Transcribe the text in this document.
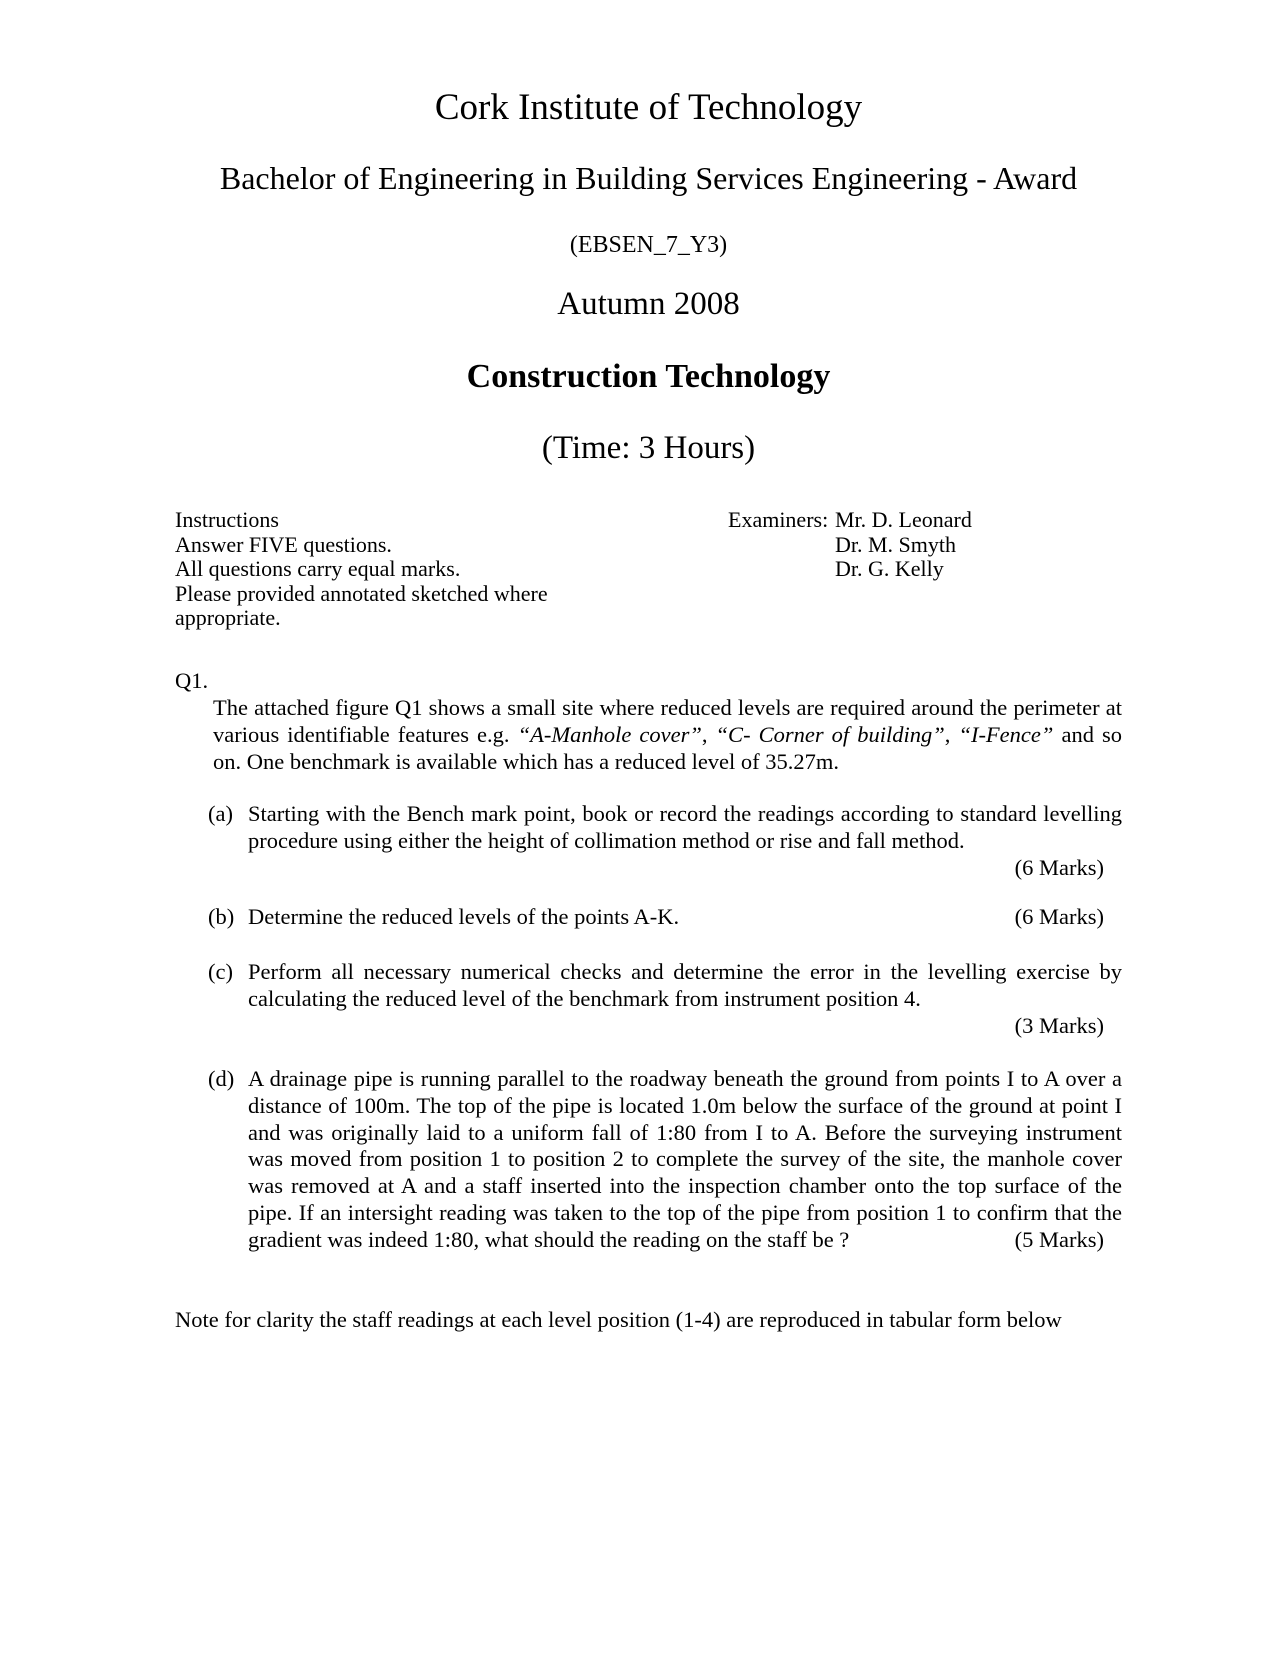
Cork Institute of Technology
Bachelor of Engineering in Building Services Engineering - Award
(EBSEN_7_Y3)
Autumn 2008
Construction Technology
(Time: 3 Hours)
Instructions
Answer FIVE questions.
All questions carry equal marks.
Please provided annotated sketched where appropriate.
Examiners: Mr. D. Leonard
Dr. M. Smyth
Dr. G. Kelly
Q1.
The attached figure Q1 shows a small site where reduced levels are required around the perimeter at various identifiable features e.g. “A-Manhole cover”, “C- Corner of building”, “I-Fence” and so on. One benchmark is available which has a reduced level of 35.27m.
(a) Starting with the Bench mark point, book or record the readings according to standard levelling procedure using either the height of collimation method or rise and fall method.
(6 Marks)
(b) Determine the reduced levels of the points A-K.	(6 Marks)
(c) Perform all necessary numerical checks and determine the error in the levelling exercise by calculating the reduced level of the benchmark from instrument position 4.
(3 Marks)
(d) A drainage pipe is running parallel to the roadway beneath the ground from points I to A over a distance of 100m. The top of the pipe is located 1.0m below the surface of the ground at point I and was originally laid to a uniform fall of 1:80 from I to A. Before the surveying instrument was moved from position 1 to position 2 to complete the survey of the site, the manhole cover was removed at A and a staff inserted into the inspection chamber onto the top surface of the pipe. If an intersight reading was taken to the top of the pipe from position 1 to confirm that the gradient was indeed 1:80, what should the reading on the staff be ?	(5 Marks)
Note for clarity the staff readings at each level position (1-4) are reproduced in tabular form below
